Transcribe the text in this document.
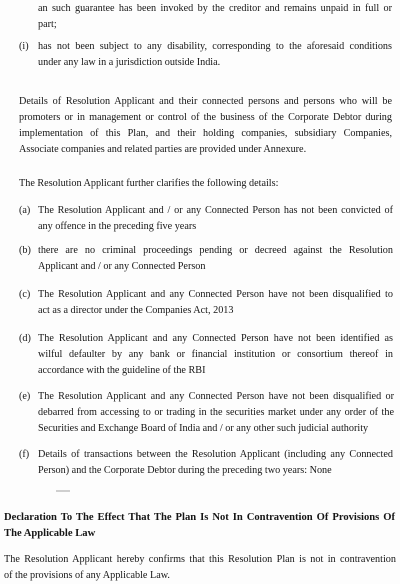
an such guarantee has been invoked by the creditor and remains unpaid in full or
part;
(i) has not been subject to any disability, corresponding to the aforesaid conditions
under any law in a jurisdiction outside India.
Details of Resolution Applicant and their connected persons and persons who will be
promoters or in management or control of the business of the Corporate Debtor during
implementation of this Plan, and their holding companies, subsidiary Companies,
Associate companies and related parties are provided under Annexure.
The Resolution Applicant further clarifies the following details:
(a) The Resolution Applicant and / or any Connected Person has not been convicted of
any offence in the preceding five years
(b) there are no criminal proceedings pending or decreed against the Resolution
Applicant and / or any Connected Person
(c) The Resolution Applicant and any Connected Person have not been disqualified to
act as a director under the Companies Act, 2013
(d) The Resolution Applicant and any Connected Person have not been identified as
wilful defaulter by any bank or financial institution or consortium thereof in
accordance with the guideline of the RBI
(e) The Resolution Applicant and any Connected Person have not been disqualified or
debarred from accessing to or trading in the securities market under any order of the
Securities and Exchange Board of India and / or any other such judicial authority
(f) Details of transactions between the Resolution Applicant (including any Connected
Person) and the Corporate Debtor during the preceding two years: None
Declaration To The Effect That The Plan Is Not In Contravention Of Provisions Of
The Applicable Law
The Resolution Applicant hereby confirms that this Resolution Plan is not in contravention
of the provisions of any Applicable Law.
